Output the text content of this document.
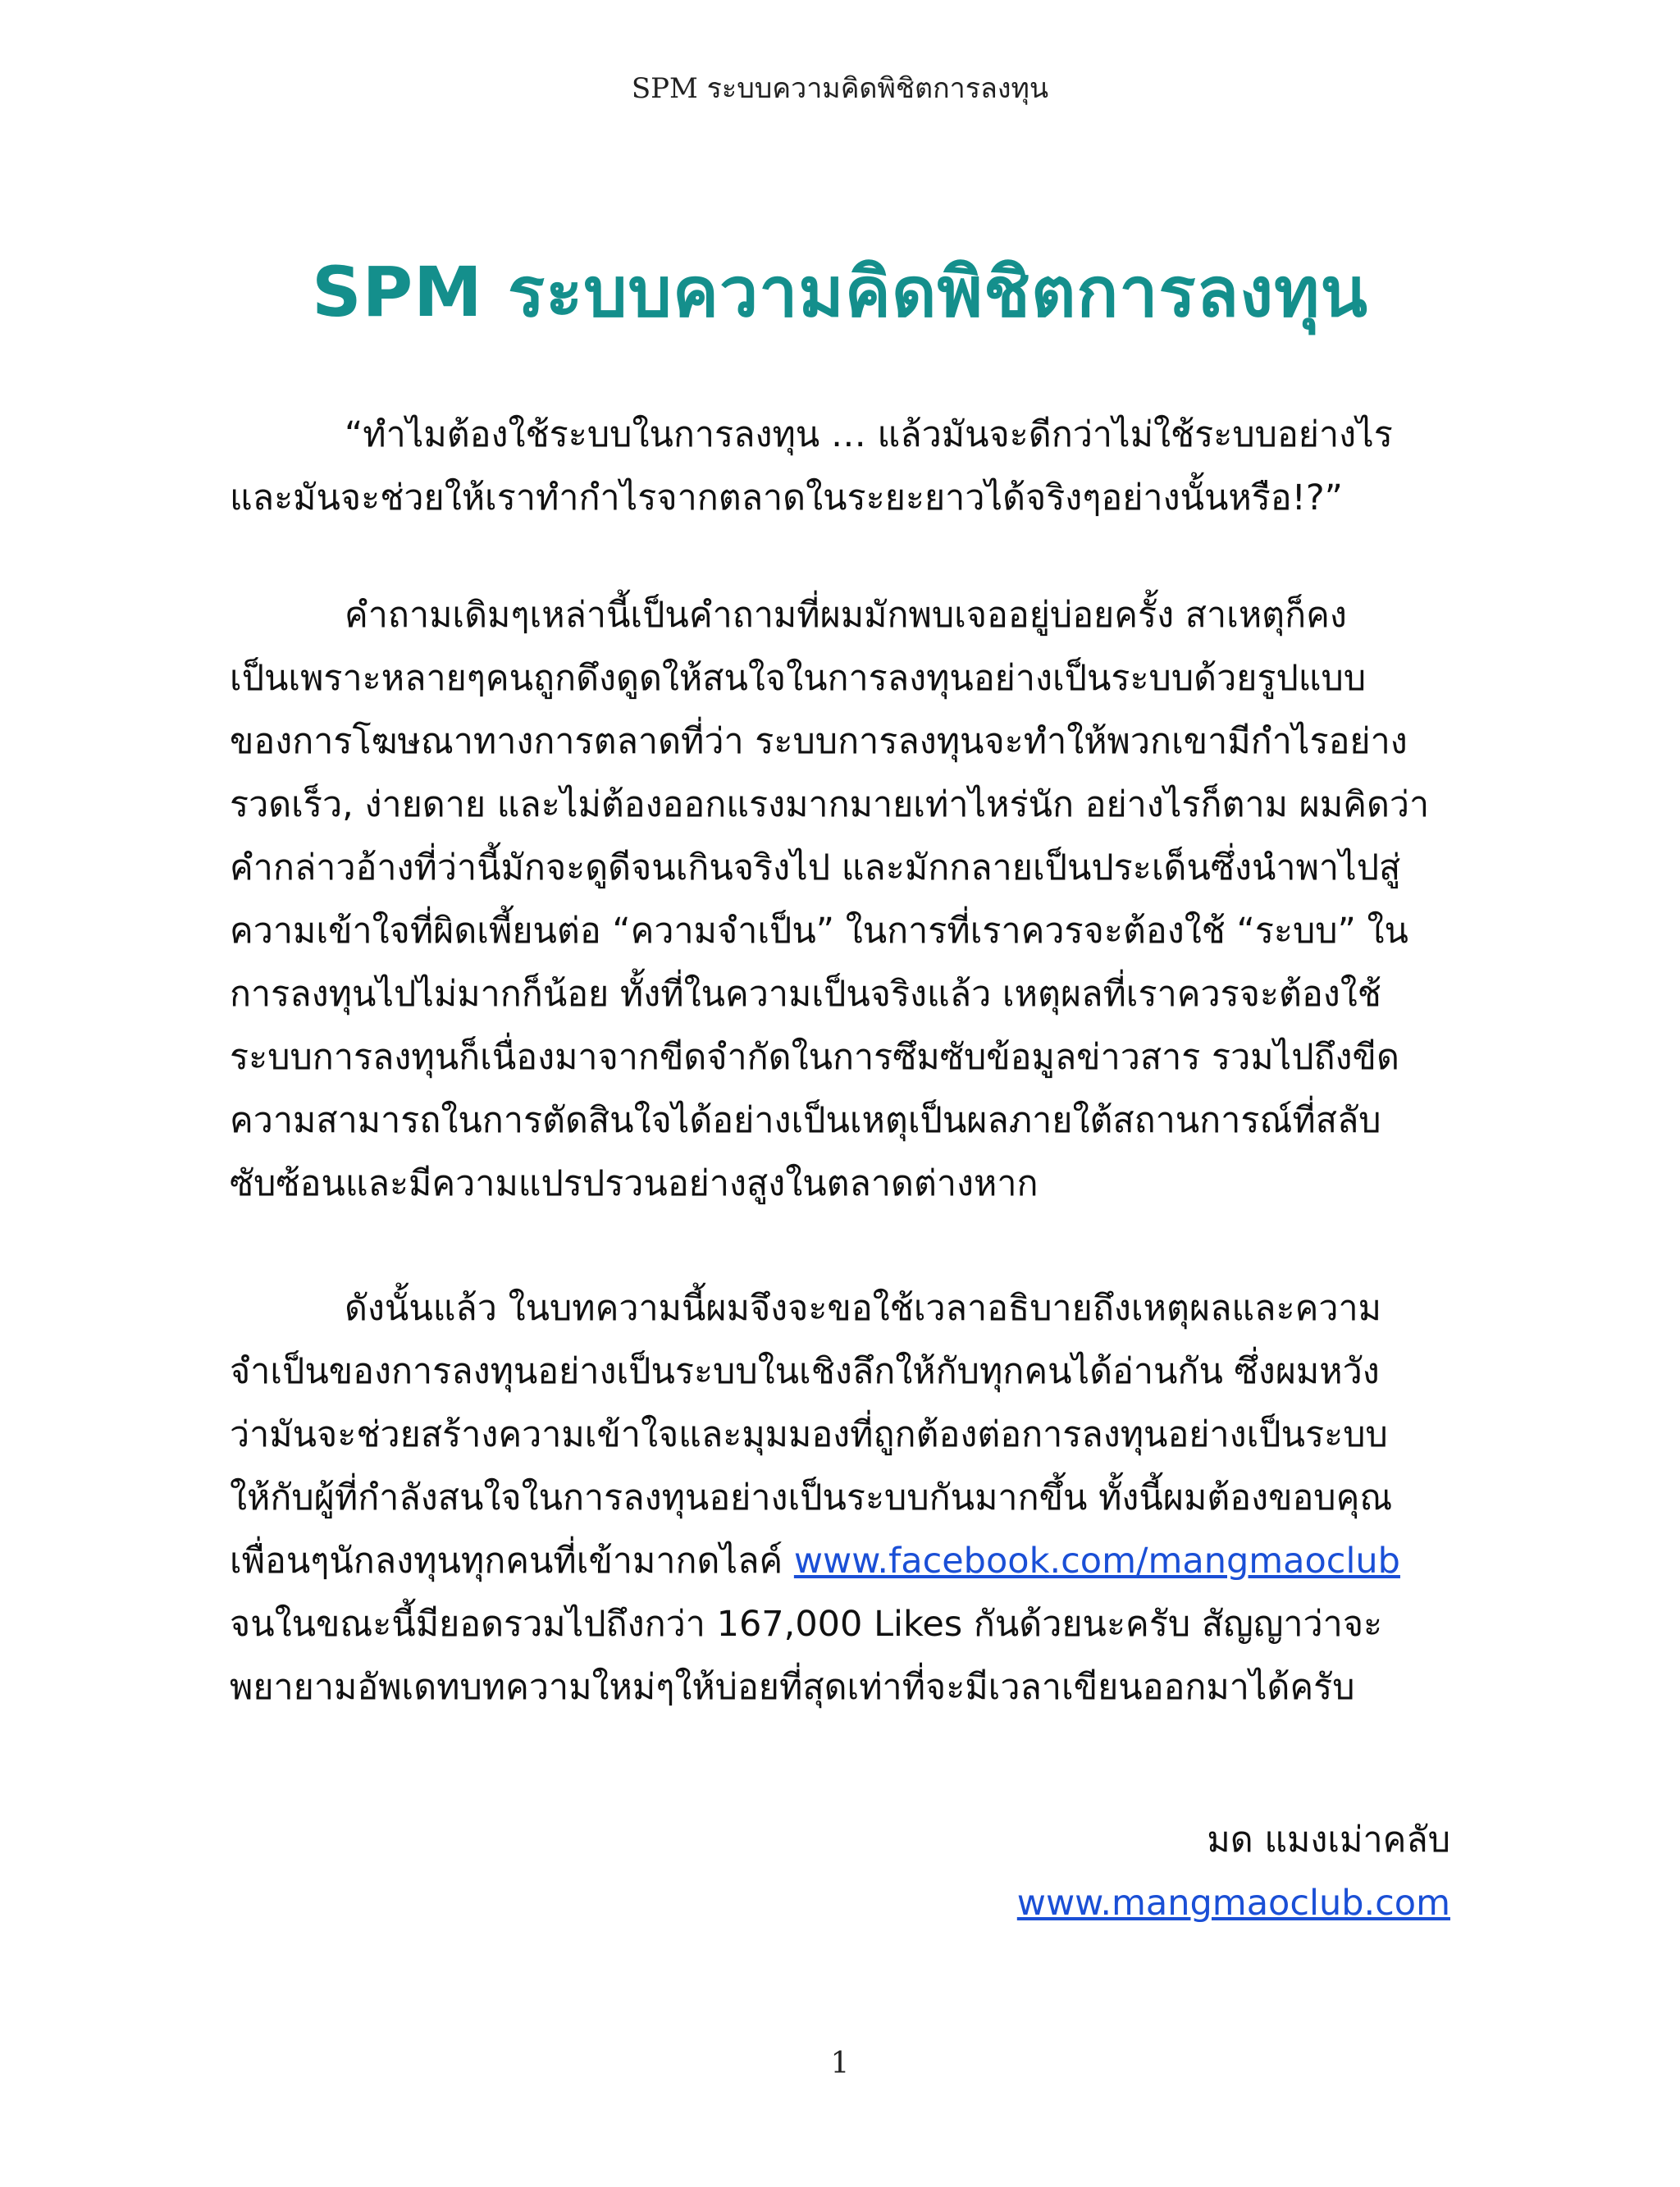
SPM ระบบความคิดพิชิตการลงทุน
SPM ระบบความคิดพิชิตการลงทุน

“ทำไมต้องใช้ระบบในการลงทุน … แล้วมันจะดีกว่าไม่ใช้ระบบอย่างไร
และมันจะช่วยให้เราทำกำไรจากตลาดในระยะยาวได้จริงๆอย่างนั้นหรือ!?”

คำถามเดิมๆเหล่านี้เป็นคำถามที่ผมมักพบเจออยู่บ่อยครั้ง สาเหตุก็คง
เป็นเพราะหลายๆคนถูกดึงดูดให้สนใจในการลงทุนอย่างเป็นระบบด้วยรูปแบบ
ของการโฆษณาทางการตลาดที่ว่า ระบบการลงทุนจะทำให้พวกเขามีกำไรอย่าง
รวดเร็ว, ง่ายดาย และไม่ต้องออกแรงมากมายเท่าไหร่นัก อย่างไรก็ตาม ผมคิดว่า
คำกล่าวอ้างที่ว่านี้มักจะดูดีจนเกินจริงไป และมักกลายเป็นประเด็นซึ่งนำพาไปสู่
ความเข้าใจที่ผิดเพี้ยนต่อ “ความจำเป็น” ในการที่เราควรจะต้องใช้ “ระบบ” ใน
การลงทุนไปไม่มากก็น้อย ทั้งที่ในความเป็นจริงแล้ว เหตุผลที่เราควรจะต้องใช้
ระบบการลงทุนก็เนื่องมาจากขีดจำกัดในการซึมซับข้อมูลข่าวสาร รวมไปถึงขีด
ความสามารถในการตัดสินใจได้อย่างเป็นเหตุเป็นผลภายใต้สถานการณ์ที่สลับ
ซับซ้อนและมีความแปรปรวนอย่างสูงในตลาดต่างหาก

ดังนั้นแล้ว ในบทความนี้ผมจึงจะขอใช้เวลาอธิบายถึงเหตุผลและความ
จำเป็นของการลงทุนอย่างเป็นระบบในเชิงลึกให้กับทุกคนได้อ่านกัน ซึ่งผมหวัง
ว่ามันจะช่วยสร้างความเข้าใจและมุมมองที่ถูกต้องต่อการลงทุนอย่างเป็นระบบ
ให้กับผู้ที่กำลังสนใจในการลงทุนอย่างเป็นระบบกันมากขึ้น ทั้งนี้ผมต้องขอบคุณ
เพื่อนๆนักลงทุนทุกคนที่เข้ามากดไลค์ www.facebook.com/mangmaoclub
จนในขณะนี้มียอดรวมไปถึงกว่า 167,000 Likes กันด้วยนะครับ สัญญาว่าจะ
พยายามอัพเดทบทความใหม่ๆให้บ่อยที่สุดเท่าที่จะมีเวลาเขียนออกมาได้ครับ

มด แมงเม่าคลับ
www.mangmaoclub.com
1
